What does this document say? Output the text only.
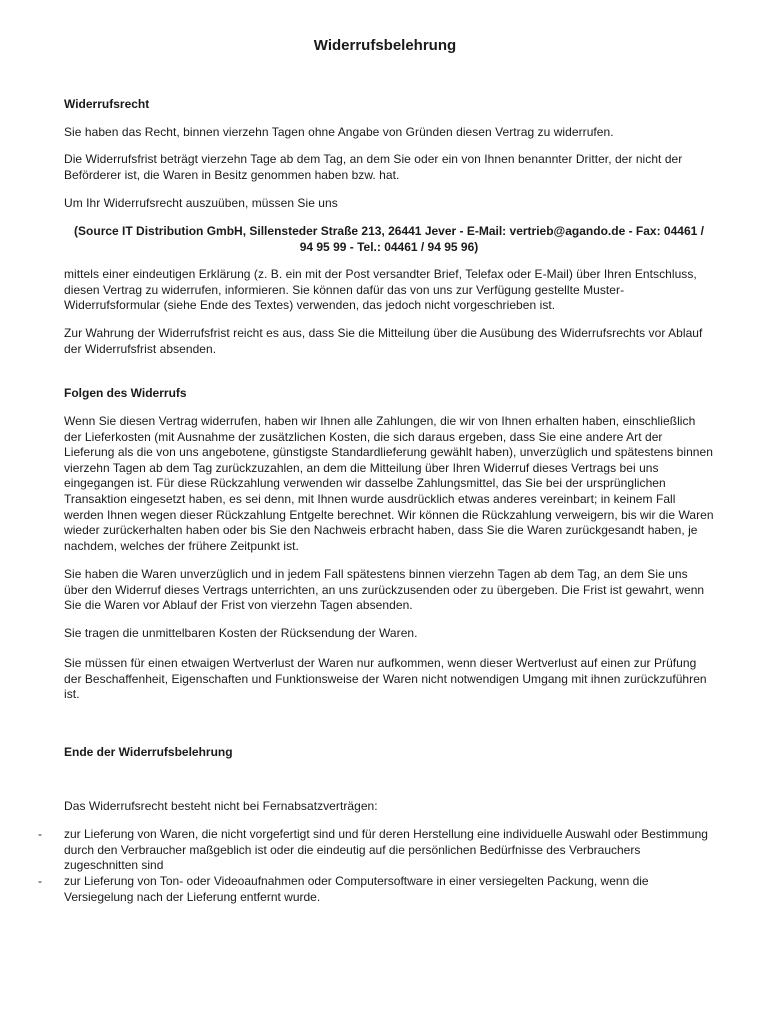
Widerrufsbelehrung

Widerrufsrecht

Sie haben das Recht, binnen vierzehn Tagen ohne Angabe von Gründen diesen Vertrag zu widerrufen.

Die Widerrufsfrist beträgt vierzehn Tage ab dem Tag, an dem Sie oder ein von Ihnen benannter Dritter, der nicht der Beförderer ist, die Waren in Besitz genommen haben bzw. hat.

Um Ihr Widerrufsrecht auszuüben, müssen Sie uns

(Source IT Distribution GmbH, Sillensteder Straße 213, 26441 Jever - E-Mail: vertrieb@agando.de - Fax: 04461 /

94 95 99 - Tel.: 04461 / 94 95 96)

mittels einer eindeutigen Erklärung (z. B. ein mit der Post versandter Brief, Telefax oder E-Mail) über Ihren Entschluss, diesen Vertrag zu widerrufen, informieren. Sie können dafür das von uns zur Verfügung gestellte Muster-Widerrufsformular (siehe Ende des Textes) verwenden, das jedoch nicht vorgeschrieben ist.

Zur Wahrung der Widerrufsfrist reicht es aus, dass Sie die Mitteilung über die Ausübung des Widerrufsrechts vor Ablauf der Widerrufsfrist absenden.

Folgen des Widerrufs

Wenn Sie diesen Vertrag widerrufen, haben wir Ihnen alle Zahlungen, die wir von Ihnen erhalten haben, einschließlich der Lieferkosten (mit Ausnahme der zusätzlichen Kosten, die sich daraus ergeben, dass Sie eine andere Art der Lieferung als die von uns angebotene, günstigste Standardlieferung gewählt haben), unverzüglich und spätestens binnen vierzehn Tagen ab dem Tag zurückzuzahlen, an dem die Mitteilung über Ihren Widerruf dieses Vertrags bei uns eingegangen ist. Für diese Rückzahlung verwenden wir dasselbe Zahlungsmittel, das Sie bei der ursprünglichen Transaktion eingesetzt haben, es sei denn, mit Ihnen wurde ausdrücklich etwas anderes vereinbart; in keinem Fall werden Ihnen wegen dieser Rückzahlung Entgelte berechnet. Wir können die Rückzahlung verweigern, bis wir die Waren wieder zurückerhalten haben oder bis Sie den Nachweis erbracht haben, dass Sie die Waren zurückgesandt haben, je nachdem, welches der frühere Zeitpunkt ist.

Sie haben die Waren unverzüglich und in jedem Fall spätestens binnen vierzehn Tagen ab dem Tag, an dem Sie uns über den Widerruf dieses Vertrags unterrichten, an uns zurückzusenden oder zu übergeben. Die Frist ist gewahrt, wenn Sie die Waren vor Ablauf der Frist von vierzehn Tagen absenden.

Sie tragen die unmittelbaren Kosten der Rücksendung der Waren.

Sie müssen für einen etwaigen Wertverlust der Waren nur aufkommen, wenn dieser Wertverlust auf einen zur Prüfung der Beschaffenheit, Eigenschaften und Funktionsweise der Waren nicht notwendigen Umgang mit ihnen zurückzuführen ist.

Ende der Widerrufsbelehrung

Das Widerrufsrecht besteht nicht bei Fernabsatzverträgen:

- zur Lieferung von Waren, die nicht vorgefertigt sind und für deren Herstellung eine individuelle Auswahl oder Bestimmung durch den Verbraucher maßgeblich ist oder die eindeutig auf die persönlichen Bedürfnisse des Verbrauchers zugeschnitten sind

- zur Lieferung von Ton- oder Videoaufnahmen oder Computersoftware in einer versiegelten Packung, wenn die Versiegelung nach der Lieferung entfernt wurde.
